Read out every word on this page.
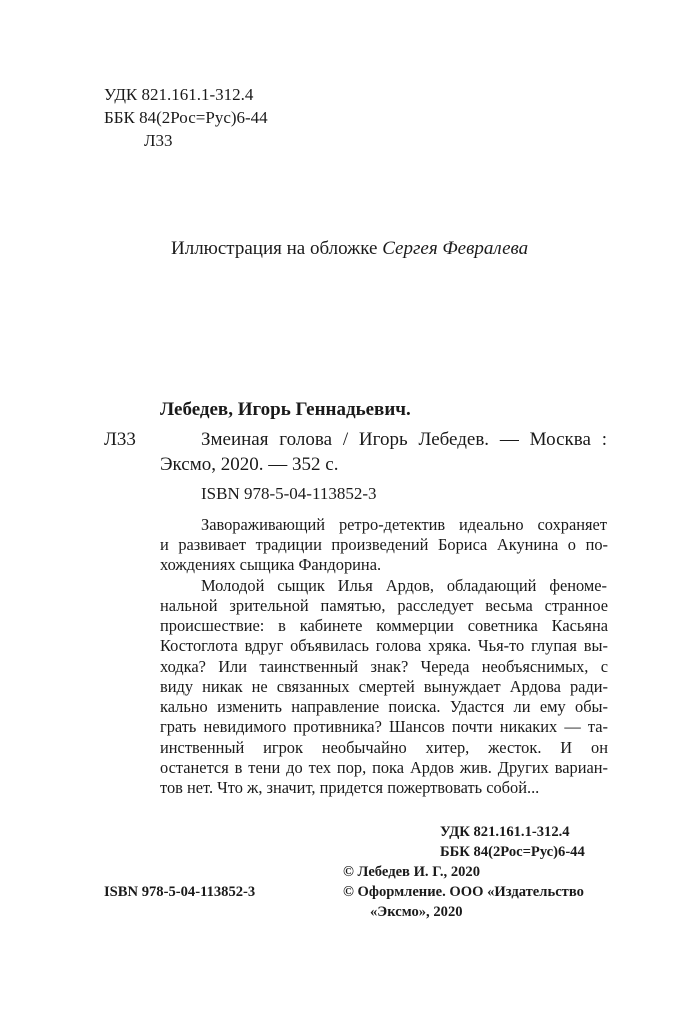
УДК 821.161.1-312.4
ББК 84(2Рос=Рус)6-44
Л33
Иллюстрация на обложке Сергея Февралева
Лебедев, Игорь Геннадьевич.
Л33	Змеиная голова / Игорь Лебедев. — Москва :
Эксмо, 2020. — 352 с.
ISBN 978-5-04-113852-3
Завораживающий ретро-детектив идеально сохраняет
и развивает традиции произведений Бориса Акунина о по-
хождениях сыщика Фандорина.
Молодой сыщик Илья Ардов, обладающий феноме-
нальной зрительной памятью, расследует весьма странное
происшествие: в кабинете коммерции советника Касьяна
Костоглота вдруг объявилась голова хряка. Чья-то глупая вы-
ходка? Или таинственный знак? Череда необъяснимых, с
виду никак не связанных смертей вынуждает Ардова ради-
кально изменить направление поиска. Удастся ли ему обы-
грать невидимого противника? Шансов почти никаких — та-
инственный игрок необычайно хитер, жесток. И он
останется в тени до тех пор, пока Ардов жив. Других вариан-
тов нет. Что ж, значит, придется пожертвовать собой...
УДК 821.161.1-312.4
ББК 84(2Рос=Рус)6-44
© Лебедев И. Г., 2020
© Оформление. ООО «Издательство
«Эксмо», 2020
ISBN 978-5-04-113852-3
